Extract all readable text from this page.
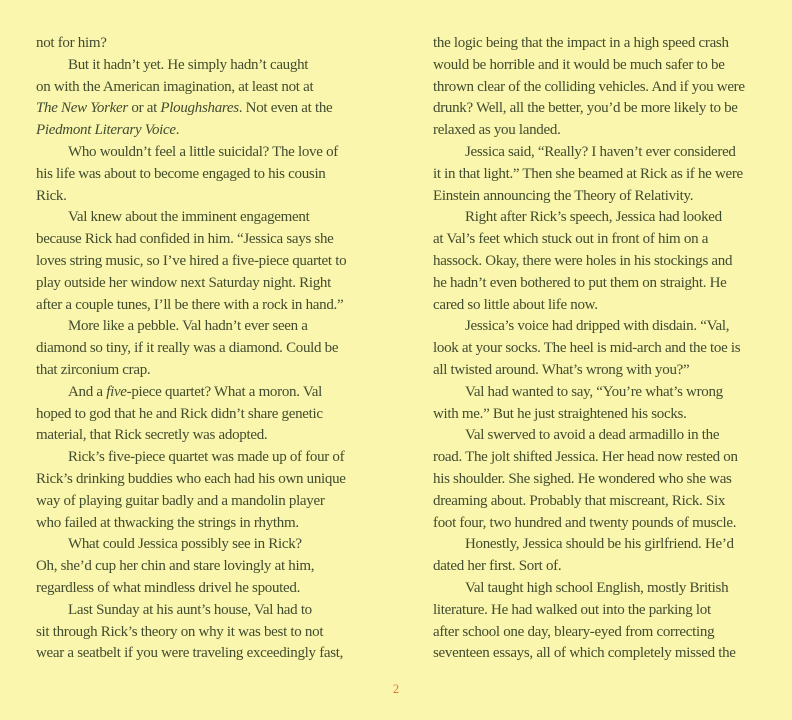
not for him?
But it hadn’t yet. He simply hadn’t caught
on with the American imagination, at least not at
The New Yorker or at Ploughshares. Not even at the
Piedmont Literary Voice.
Who wouldn’t feel a little suicidal? The love of
his life was about to become engaged to his cousin
Rick.
Val knew about the imminent engagement
because Rick had confided in him. “Jessica says she
loves string music, so I’ve hired a five-piece quartet to
play outside her window next Saturday night. Right
after a couple tunes, I’ll be there with a rock in hand.”
More like a pebble. Val hadn’t ever seen a
diamond so tiny, if it really was a diamond. Could be
that zirconium crap.
And a five-piece quartet? What a moron. Val
hoped to god that he and Rick didn’t share genetic
material, that Rick secretly was adopted.
Rick’s five-piece quartet was made up of four of
Rick’s drinking buddies who each had his own unique
way of playing guitar badly and a mandolin player
who failed at thwacking the strings in rhythm.
What could Jessica possibly see in Rick?
Oh, she’d cup her chin and stare lovingly at him,
regardless of what mindless drivel he spouted.
Last Sunday at his aunt’s house, Val had to
sit through Rick’s theory on why it was best to not
wear a seatbelt if you were traveling exceedingly fast,
the logic being that the impact in a high speed crash
would be horrible and it would be much safer to be
thrown clear of the colliding vehicles. And if you were
drunk? Well, all the better, you’d be more likely to be
relaxed as you landed.
Jessica said, “Really? I haven’t ever considered
it in that light.” Then she beamed at Rick as if he were
Einstein announcing the Theory of Relativity.
Right after Rick’s speech, Jessica had looked
at Val’s feet which stuck out in front of him on a
hassock. Okay, there were holes in his stockings and
he hadn’t even bothered to put them on straight. He
cared so little about life now.
Jessica’s voice had dripped with disdain. “Val,
look at your socks. The heel is mid-arch and the toe is
all twisted around. What’s wrong with you?”
Val had wanted to say, “You’re what’s wrong
with me.” But he just straightened his socks.
Val swerved to avoid a dead armadillo in the
road. The jolt shifted Jessica. Her head now rested on
his shoulder. She sighed. He wondered who she was
dreaming about. Probably that miscreant, Rick. Six
foot four, two hundred and twenty pounds of muscle.
Honestly, Jessica should be his girlfriend. He’d
dated her first. Sort of.
Val taught high school English, mostly British
literature. He had walked out into the parking lot
after school one day, bleary-eyed from correcting
seventeen essays, all of which completely missed the
2
